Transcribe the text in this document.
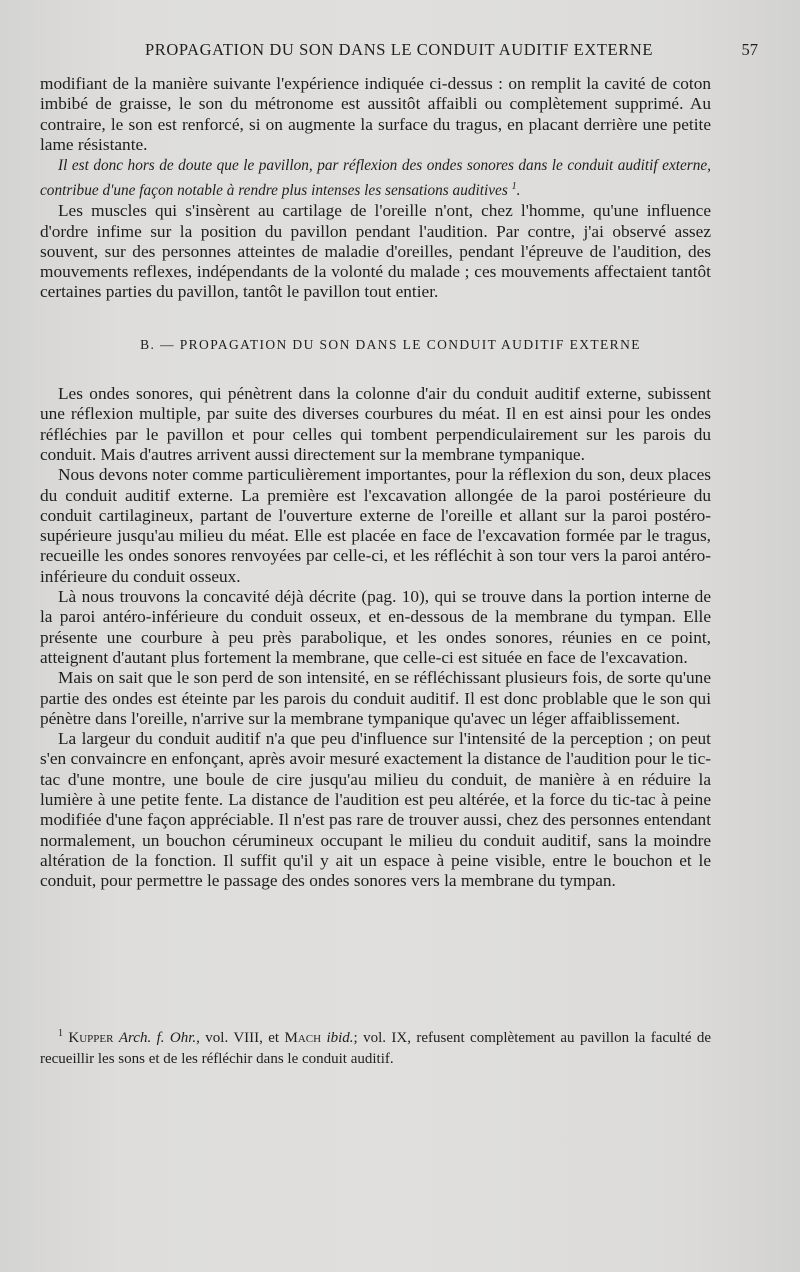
PROPAGATION DU SON DANS LE CONDUIT AUDITIF EXTERNE	57

modifiant de la manière suivante l'expérience indiquée ci-dessus : on remplit la cavité de coton imbibé de graisse, le son du métronome est aussitôt affaibli ou complètement supprimé. Au contraire, le son est renforcé, si on augmente la surface du tragus, en placant derrière une petite lame résistante.

Il est donc hors de doute que le pavillon, par réflexion des ondes sonores dans le conduit auditif externe, contribue d'une façon notable à rendre plus intenses les sensations auditives $^1$.

Les muscles qui s'insèrent au cartilage de l'oreille n'ont, chez l'homme, qu'une influence d'ordre infime sur la position du pavillon pendant l'audition. Par contre, j'ai observé assez souvent, sur des personnes atteintes de maladie d'oreilles, pendant l'épreuve de l'audition, des mouvements reflexes, indépendants de la volonté du malade ; ces mouvements affectaient tantôt certaines parties du pavillon, tantôt le pavillon tout entier.

B. — PROPAGATION DU SON DANS LE CONDUIT AUDITIF EXTERNE

Les ondes sonores, qui pénètrent dans la colonne d'air du conduit auditif externe, subissent une réflexion multiple, par suite des diverses courbures du méat. Il en est ainsi pour les ondes réfléchies par le pavillon et pour celles qui tombent perpendiculairement sur les parois du conduit. Mais d'autres arrivent aussi directement sur la membrane tympanique.

Nous devons noter comme particulièrement importantes, pour la réflexion du son, deux places du conduit auditif externe. La première est l'excavation allongée de la paroi postérieure du conduit cartilagineux, partant de l'ouverture externe de l'oreille et allant sur la paroi postéro-supérieure jusqu'au milieu du méat. Elle est placée en face de l'excavation formée par le tragus, recueille les ondes sonores renvoyées par celle-ci, et les réfléchit à son tour vers la paroi antéro-inférieure du conduit osseux.

Là nous trouvons la concavité déjà décrite (pag. 10), qui se trouve dans la portion interne de la paroi antéro-inférieure du conduit osseux, et en-dessous de la membrane du tympan. Elle présente une courbure à peu près parabolique, et les ondes sonores, réunies en ce point, atteignent d'autant plus fortement la membrane, que celle-ci est située en face de l'excavation.

Mais on sait que le son perd de son intensité, en se réfléchissant plusieurs fois, de sorte qu'une partie des ondes est éteinte par les parois du conduit auditif. Il est donc problable que le son qui pénètre dans l'oreille, n'arrive sur la membrane tympanique qu'avec un léger affaiblissement.

La largeur du conduit auditif n'a que peu d'influence sur l'intensité de la perception ; on peut s'en convaincre en enfonçant, après avoir mesuré exactement la distance de l'audition pour le tic-tac d'une montre, une boule de cire jusqu'au milieu du conduit, de manière à en réduire la lumière à une petite fente. La distance de l'audition est peu altérée, et la force du tic-tac à peine modifiée d'une façon appréciable. Il n'est pas rare de trouver aussi, chez des personnes entendant normalement, un bouchon cérumineux occupant le milieu du conduit auditif, sans la moindre altération de la fonction. Il suffit qu'il y ait un espace à peine visible, entre le bouchon et le conduit, pour permettre le passage des ondes sonores vers la membrane du tympan.

$^1$ Kupper Arch. f. Ohr., vol. VIII, et Mach ibid.; vol. IX, refusent complètement au pavillon la faculté de recueillir les sons et de les réfléchir dans le conduit auditif.
